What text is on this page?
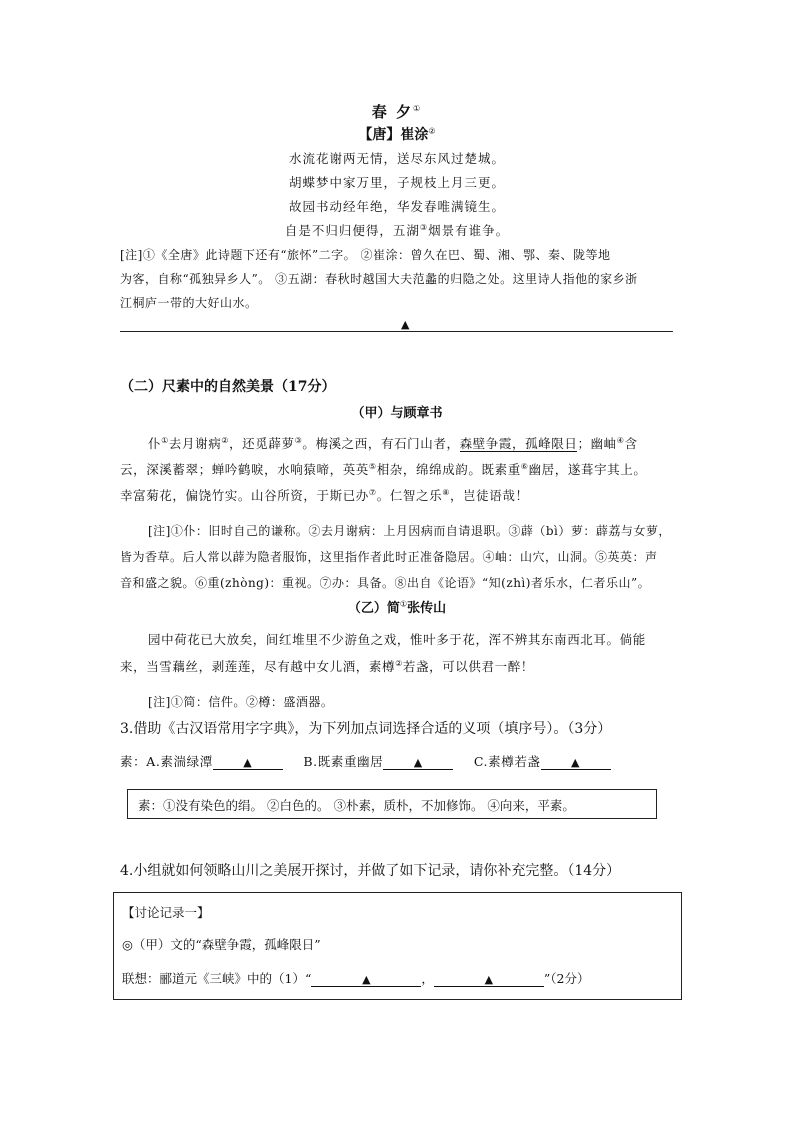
春 夕①
【唐】崔涂②
水流花谢两无情，送尽东风过楚城。
胡蝶梦中家万里，子规枝上月三更。
故园书动经年绝，华发春唯满镜生。
自是不归归便得，五湖③烟景有谁争。
[注]①《全唐》此诗题下还有“旅怀”二字。 ②崔涂：曾久在巴、蜀、湘、鄂、秦、陇等地
为客，自称“孤独异乡人”。 ③五湖：春秋时越国大夫范蠡的归隐之处。这里诗人指他的家乡浙
江桐庐一带的大好山水。
▲
（二）尺素中的自然美景（17分）
（甲）与顾章书
仆①去月谢病②，还觅薜萝③。梅溪之西，有石门山者，森壁争霞，孤峰限日；幽岫④含
云，深溪蓄翠；蝉吟鹤唳，水响猿啼，英英⑤相杂，绵绵成韵。既素重⑥幽居，遂葺宇其上。
幸富菊花，偏饶竹实。山谷所资，于斯已办⑦。仁智之乐⑧，岂徒语哉！
[注]①仆：旧时自己的谦称。②去月谢病：上月因病而自请退职。③薜（bì）萝：薜荔与女萝，
皆为香草。后人常以薜为隐者服饰，这里指作者此时正准备隐居。④岫：山穴，山洞。⑤英英：声
音和盛之貌。⑥重(zhòng)：重视。⑦办：具备。⑧出自《论语》“知(zhì)者乐水，仁者乐山”。
（乙）简①张传山
园中荷花已大放矣，间红堆里不少游鱼之戏，惟叶多于花，浑不辨其东南西北耳。倘能
来，当雪藕丝，剥莲莲，尽有越中女儿酒，素樽②若盏，可以供君一醉！
[注]①简：信件。②樽：盛酒器。
3.借助《古汉语常用字字典》，为下列加点词选择合适的义项（填序号）。（3分）
素：A.素湍绿潭	▲	B.既素重幽居	▲	C.素樽若盏	▲
素：①没有染色的绢。 ②白色的。 ③朴素，质朴，不加修饰。 ④向来，平素。
4.小组就如何领略山川之美展开探讨，并做了如下记录，请你补充完整。（14分）
【讨论记录一】
◎（甲）文的“森壁争霞，孤峰限日”
联想：郦道元《三峡》中的（1）“	▲	，	▲	”（2分）
